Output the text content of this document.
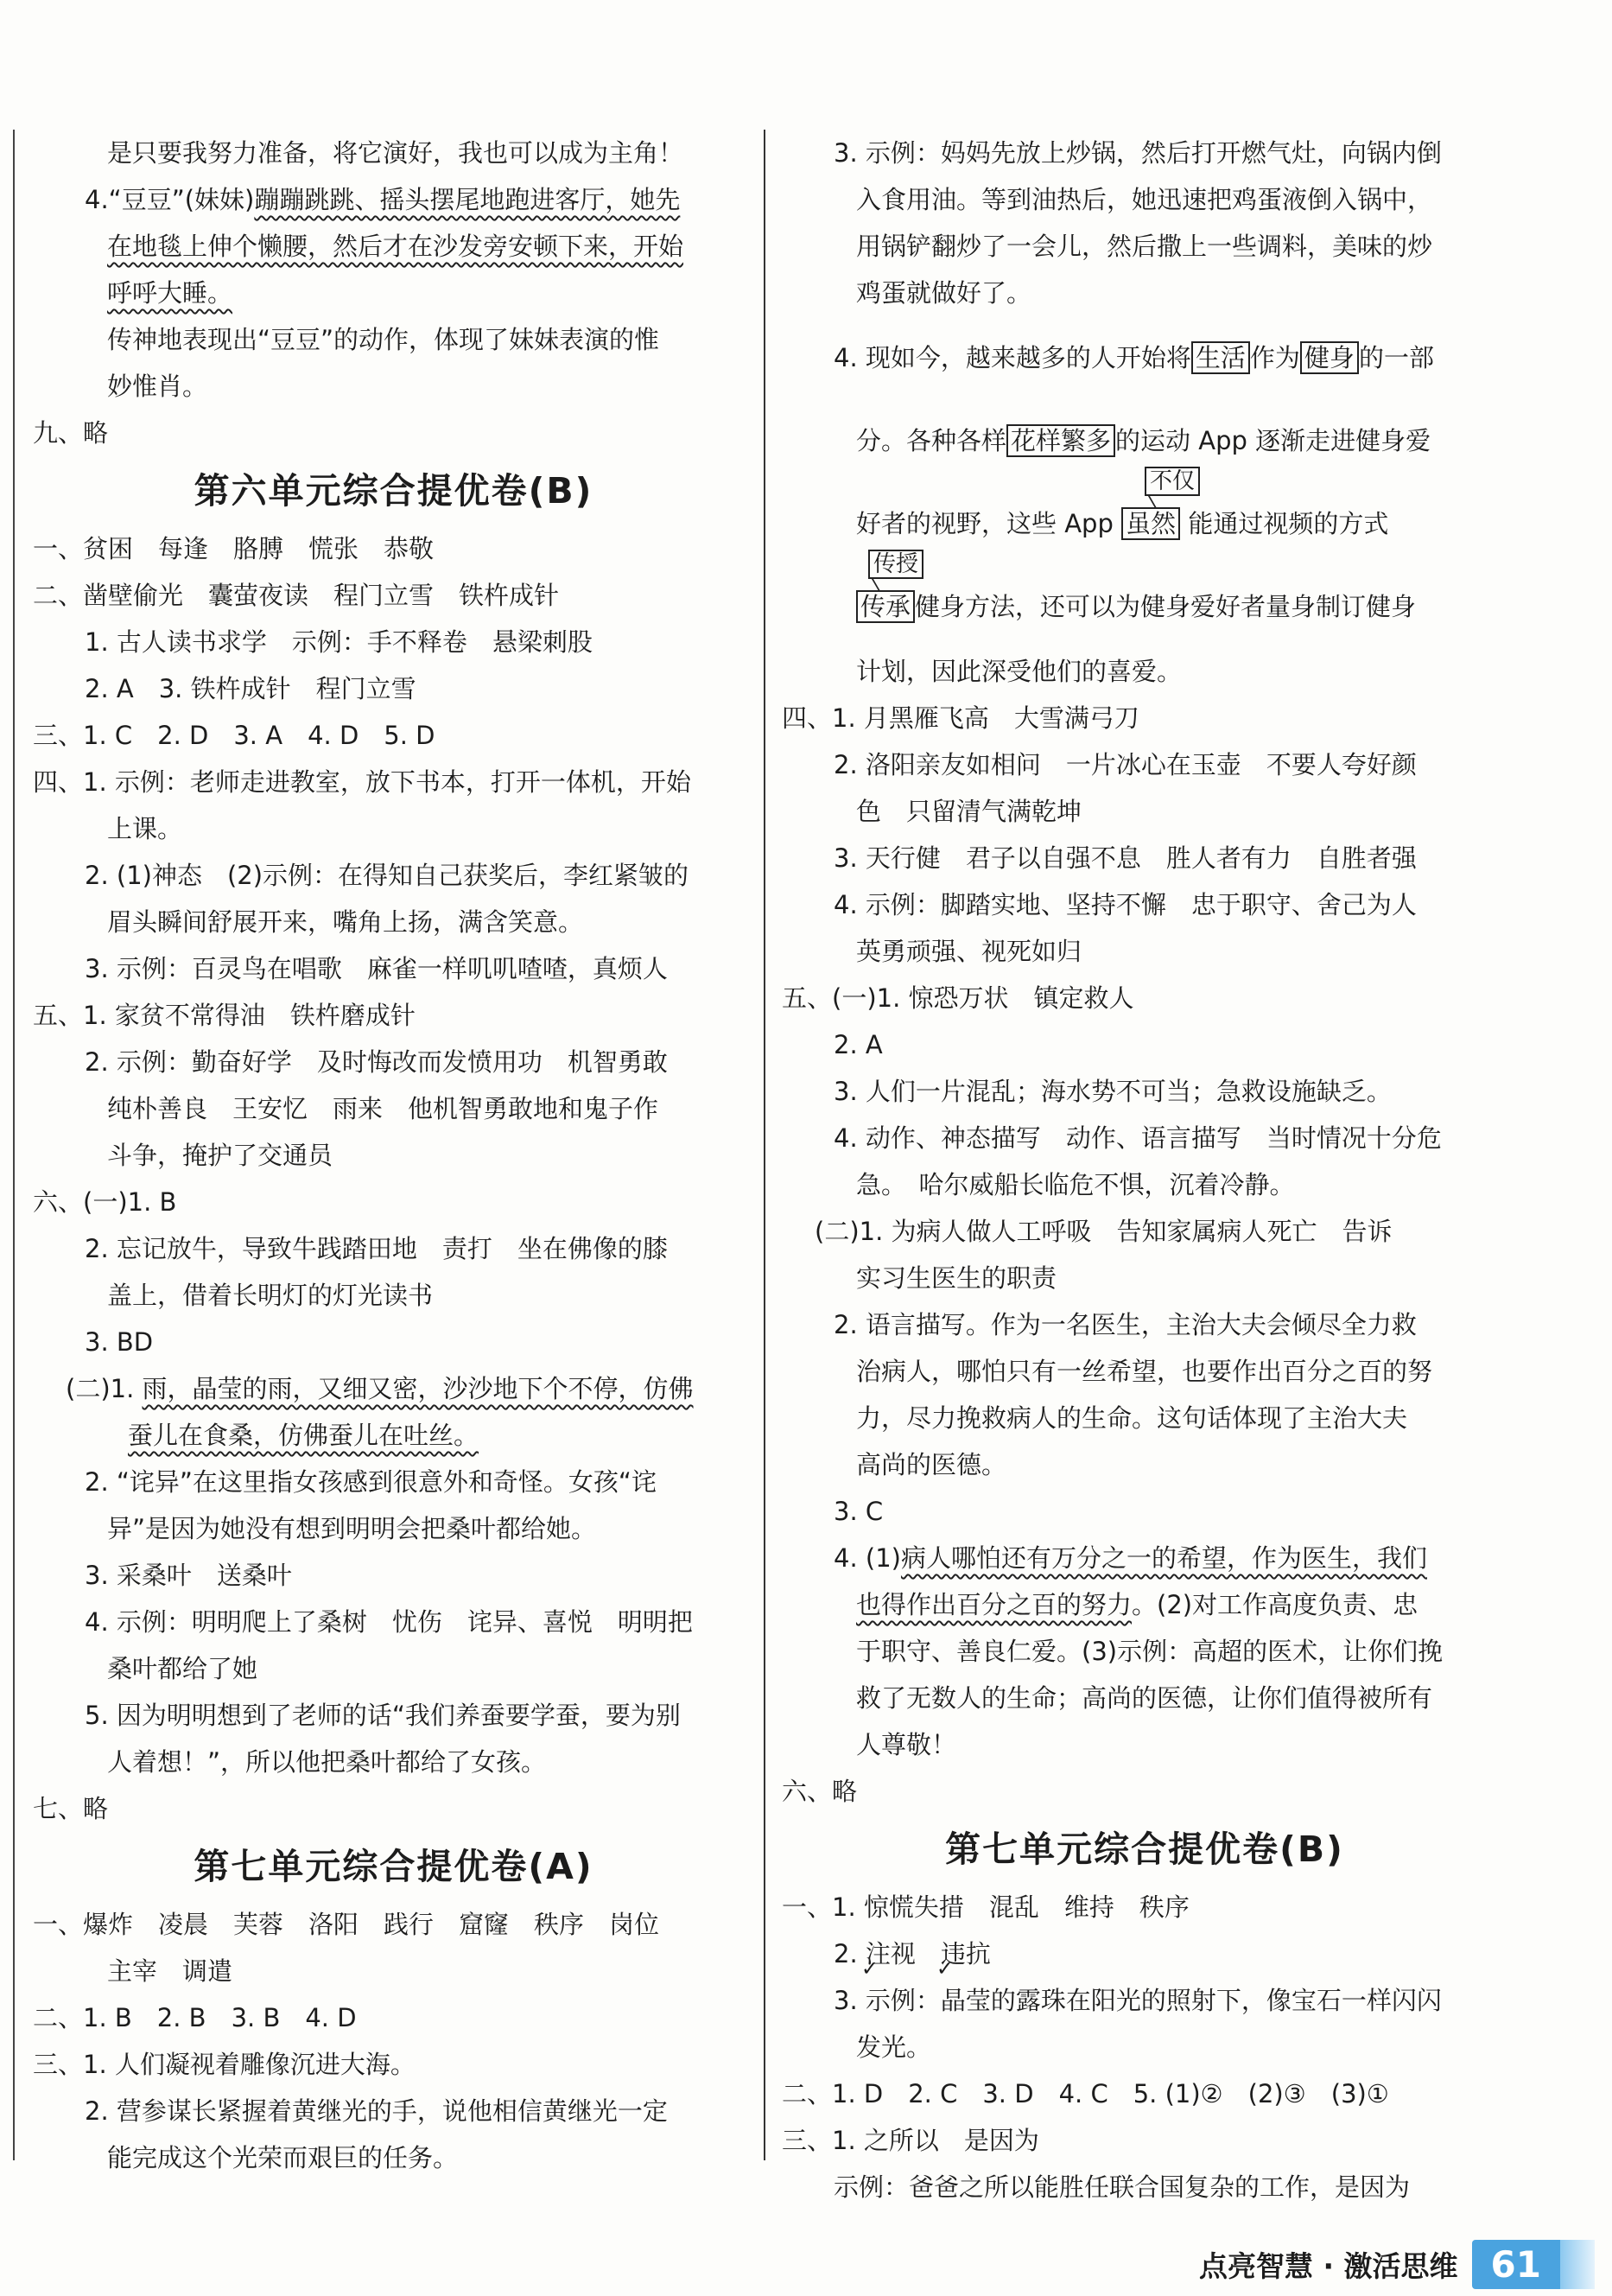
是只要我努力准备，将它演好，我也可以成为主角！
4.“豆豆”(妹妹)蹦蹦跳跳、摇头摆尾地跑进客厅，她先
在地毯上伸个懒腰，然后才在沙发旁安顿下来，开始
呼呼大睡。
传神地表现出“豆豆”的动作，体现了妹妹表演的惟
妙惟肖。
九、略
第六单元综合提优卷(B)
一、贫困　每逢　胳膊　慌张　恭敬
二、凿壁偷光　囊萤夜读　程门立雪　铁杵成针
1. 古人读书求学　示例：手不释卷　悬梁刺股
2. A　3. 铁杵成针　程门立雪
三、1. C　2. D　3. A　4. D　5. D
四、1. 示例：老师走进教室，放下书本，打开一体机，开始
上课。
2. (1)神态　(2)示例：在得知自己获奖后，李红紧皱的
眉头瞬间舒展开来，嘴角上扬，满含笑意。
3. 示例：百灵鸟在唱歌　麻雀一样叽叽喳喳，真烦人
五、1. 家贫不常得油　铁杵磨成针
2. 示例：勤奋好学　及时悔改而发愤用功　机智勇敢
纯朴善良　王安忆　雨来　他机智勇敢地和鬼子作
斗争，掩护了交通员
六、(一)1. B
2. 忘记放牛，导致牛践踏田地　责打　坐在佛像的膝
盖上，借着长明灯的灯光读书
3. BD
(二)1. 雨，晶莹的雨，又细又密，沙沙地下个不停，仿佛
蚕儿在食桑，仿佛蚕儿在吐丝。
2. “诧异”在这里指女孩感到很意外和奇怪。女孩“诧
异”是因为她没有想到明明会把桑叶都给她。
3. 采桑叶　送桑叶
4. 示例：明明爬上了桑树　忧伤　诧异、喜悦　明明把
桑叶都给了她
5. 因为明明想到了老师的话“我们养蚕要学蚕，要为别
人着想！”，所以他把桑叶都给了女孩。
七、略
第七单元综合提优卷(A)
一、爆炸　凌晨　芙蓉　洛阳　践行　窟窿　秩序　岗位
主宰　调遣
二、1. B　2. B　3. B　4. D
三、1. 人们凝视着雕像沉进大海。
2. 营参谋长紧握着黄继光的手，说他相信黄继光一定
能完成这个光荣而艰巨的任务。
3. 示例：妈妈先放上炒锅，然后打开燃气灶，向锅内倒
入食用油。等到油热后，她迅速把鸡蛋液倒入锅中，
用锅铲翻炒了一会儿，然后撒上一些调料，美味的炒
鸡蛋就做好了。
4. 现如今，越来越多的人开始将 生活 作为 健身 的一部
分。各种各样 花样繁多 的运动 App 逐渐走进健身爱
不仅
好者的视野，这些 App 虽然 能通过视频的方式
传授
传承 健身方法，还可以为健身爱好者量身制订健身
计划，因此深受他们的喜爱。
四、1. 月黑雁飞高　大雪满弓刀
2. 洛阳亲友如相问　一片冰心在玉壶　不要人夸好颜
色　只留清气满乾坤
3. 天行健　君子以自强不息　胜人者有力　自胜者强
4. 示例：脚踏实地、坚持不懈　忠于职守、舍己为人
英勇顽强、视死如归
五、(一)1. 惊恐万状　镇定救人
2. A
3. 人们一片混乱；海水势不可当；急救设施缺乏。
4. 动作、神态描写　动作、语言描写　当时情况十分危
急。　哈尔威船长临危不惧，沉着冷静。
(二)1. 为病人做人工呼吸　告知家属病人死亡　告诉
实习生医生的职责
2. 语言描写。作为一名医生，主治大夫会倾尽全力救
治病人，哪怕只有一丝希望，也要作出百分之百的努
力，尽力挽救病人的生命。这句话体现了主治大夫
高尚的医德。
3. C
4. (1)病人哪怕还有万分之一的希望，作为医生，我们
也得作出百分之百的努力。(2)对工作高度负责、忠
于职守、善良仁爱。(3)示例：高超的医术，让你们挽
救了无数人的生命；高尚的医德，让你们值得被所有
人尊敬！
六、略
第七单元综合提优卷(B)
一、1. 惊慌失措　混乱　维持　秩序
2. 注视　违抗
3. 示例：晶莹的露珠在阳光的照射下，像宝石一样闪闪
发光。
二、1. D　2. C　3. D　4. C　5. (1)②　(2)③　(3)①
三、1. 之所以　是因为
示例：爸爸之所以能胜任联合国复杂的工作，是因为
点亮智慧 · 激活思维 61
